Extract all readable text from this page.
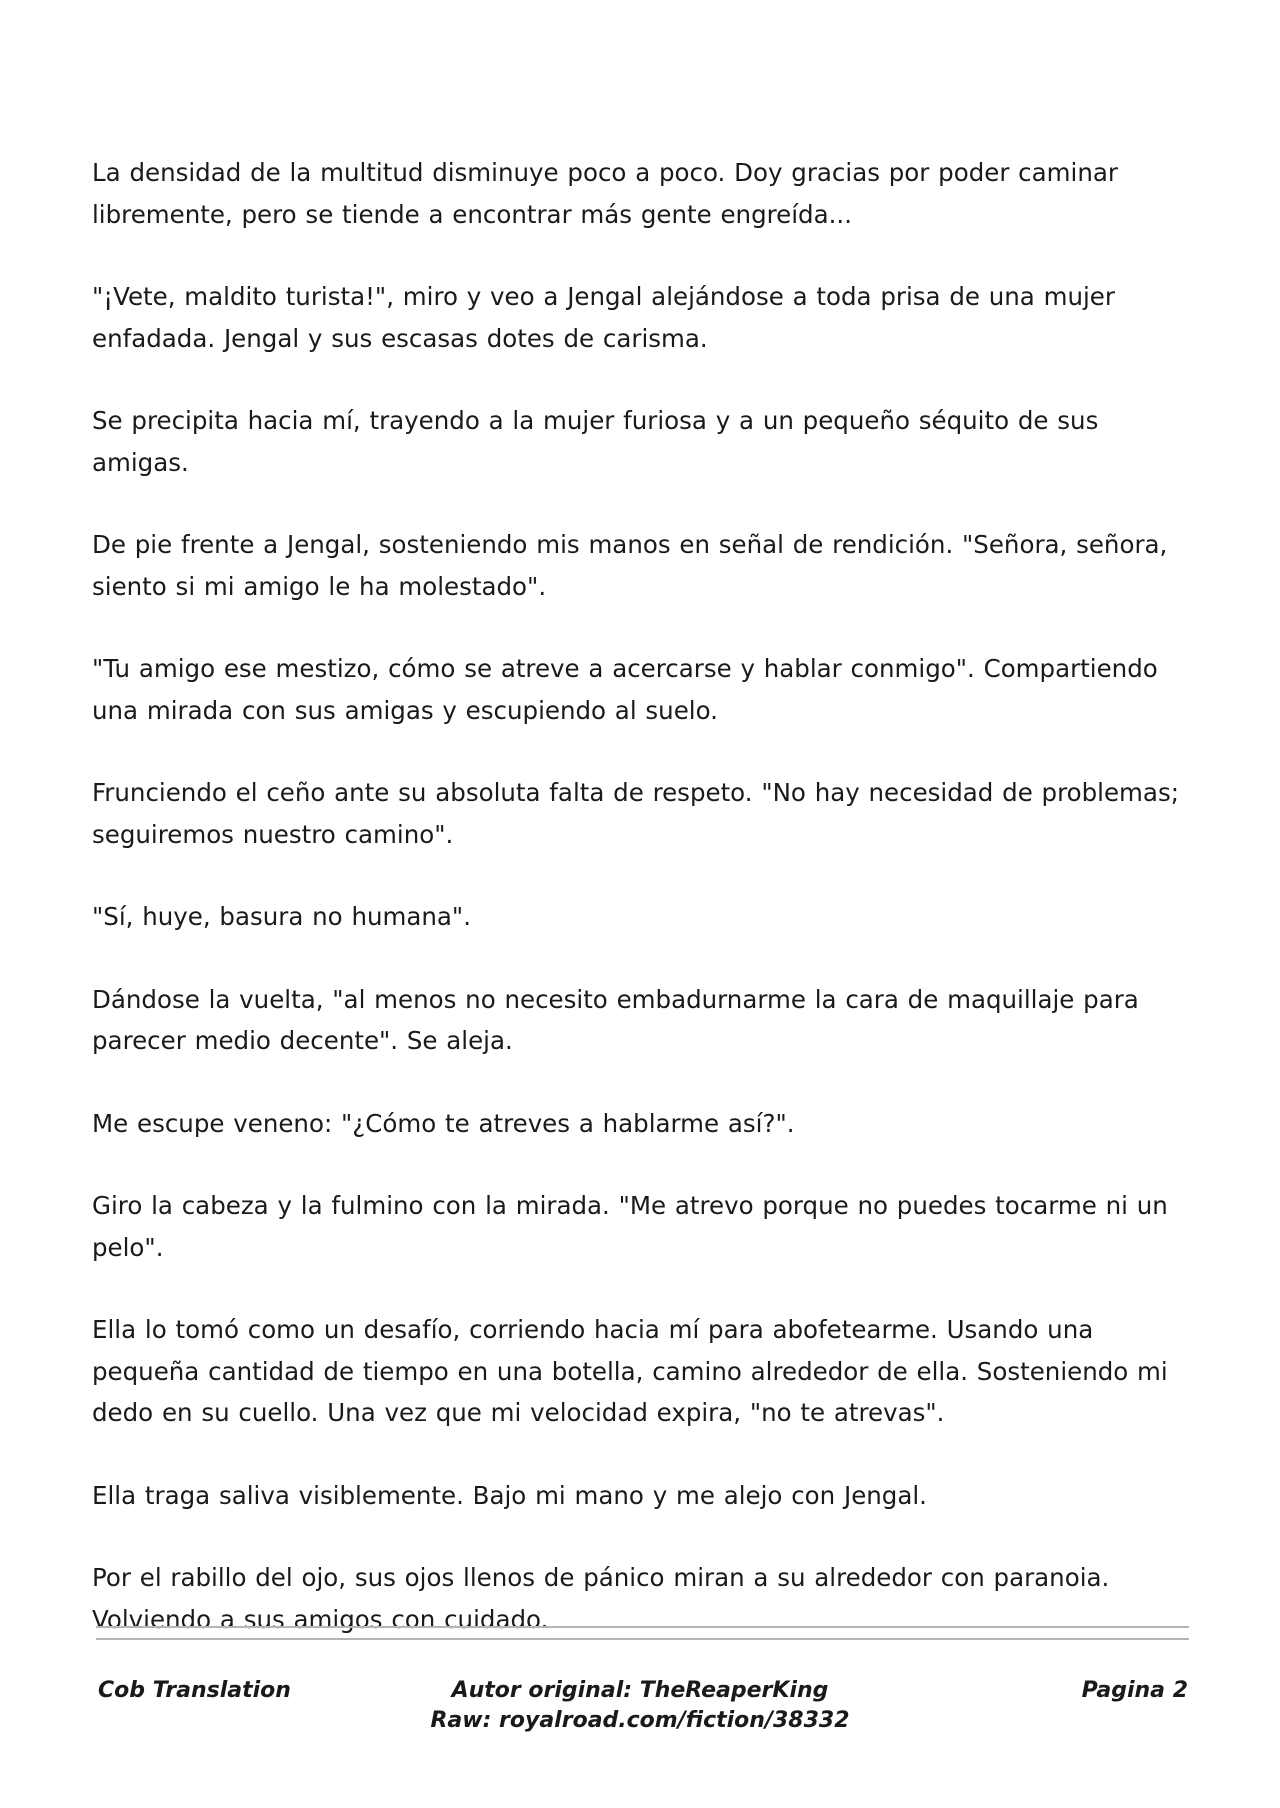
La densidad de la multitud disminuye poco a poco. Doy gracias por poder caminar libremente, pero se tiende a encontrar más gente engreída...

"¡Vete, maldito turista!", miro y veo a Jengal alejándose a toda prisa de una mujer enfadada. Jengal y sus escasas dotes de carisma.

Se precipita hacia mí, trayendo a la mujer furiosa y a un pequeño séquito de sus amigas.

De pie frente a Jengal, sosteniendo mis manos en señal de rendición. "Señora, señora, siento si mi amigo le ha molestado".

"Tu amigo ese mestizo, cómo se atreve a acercarse y hablar conmigo". Compartiendo una mirada con sus amigas y escupiendo al suelo.

Frunciendo el ceño ante su absoluta falta de respeto. "No hay necesidad de problemas; seguiremos nuestro camino".

"Sí, huye, basura no humana".

Dándose la vuelta, "al menos no necesito embadurnarme la cara de maquillaje para parecer medio decente". Se aleja.

Me escupe veneno: "¿Cómo te atreves a hablarme así?".

Giro la cabeza y la fulmino con la mirada. "Me atrevo porque no puedes tocarme ni un pelo".

Ella lo tomó como un desafío, corriendo hacia mí para abofetearme. Usando una pequeña cantidad de tiempo en una botella, camino alrededor de ella. Sosteniendo mi dedo en su cuello. Una vez que mi velocidad expira, "no te atrevas".

Ella traga saliva visiblemente. Bajo mi mano y me alejo con Jengal.

Por el rabillo del ojo, sus ojos llenos de pánico miran a su alrededor con paranoia. Volviendo a sus amigos con cuidado.

Cob Translation	Autor original: TheReaperKing
Raw: royalroad.com/fiction/38332
Pagina 2
